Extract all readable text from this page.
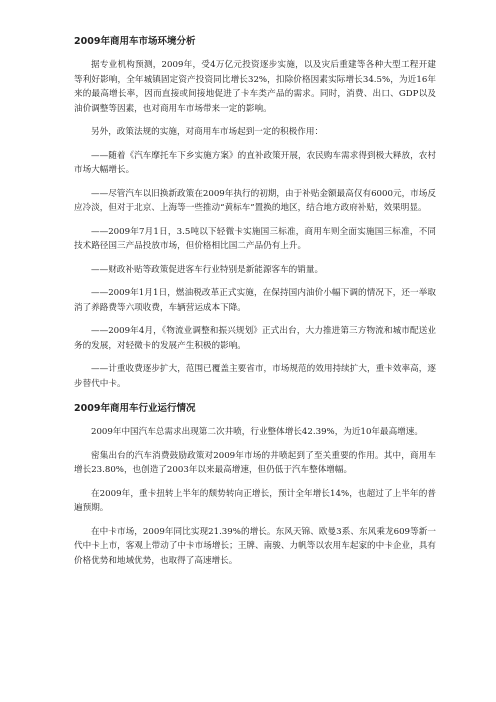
2009年商用车市场环境分析

据专业机构预测，2009年，受4万亿元投资逐步实施，以及灾后重建等各种大型工程开建等利好影响，全年城镇固定资产投资同比增长32%，扣除价格因素实际增长34.5%，为近16年来的最高增长率，因而直接或间接地促进了卡车类产品的需求。同时，消费、出口、GDP以及油价调整等因素，也对商用车市场带来一定的影响。

另外，政策法规的实施，对商用车市场起到一定的积极作用：

——随着《汽车摩托车下乡实施方案》的直补政策开展，农民购车需求得到极大释放，农村市场大幅增长。

——尽管汽车以旧换新政策在2009年执行的初期，由于补贴金额最高仅有6000元，市场反应冷淡，但对于北京、上海等一些推动“黄标车”置换的地区，结合地方政府补贴，效果明显。

——2009年7月1日，3.5吨以下轻微卡实施国三标准，商用车则全面实施国三标准，不同技术路径国三产品投放市场，但价格相比国二产品仍有上升。

——财政补贴等政策促进客车行业特别是新能源客车的销量。

——2009年1月1日，燃油税改革正式实施，在保持国内油价小幅下调的情况下，还一举取消了养路费等六项收费，车辆营运成本下降。

——2009年4月，《物流业调整和振兴规划》正式出台，大力推进第三方物流和城市配送业务的发展，对轻微卡的发展产生积极的影响。

——计重收费逐步扩大，范围已覆盖主要省市，市场规范的效用持续扩大，重卡效率高，逐步替代中卡。

2009年商用车行业运行情况

2009年中国汽车总需求出现第二次井喷，行业整体增长42.39%，为近10年最高增速。

密集出台的汽车消费鼓励政策对2009年市场的井喷起到了至关重要的作用。其中，商用车增长23.80%，也创造了2003年以来最高增速，但仍低于汽车整体增幅。

在2009年，重卡扭转上半年的颓势转向正增长，预计全年增长14%，也超过了上半年的普遍预期。

在中卡市场，2009年同比实现21.39%的增长。东风天锦、欧曼3系、东风乘龙609等新一代中卡上市，客观上带动了中卡市场增长；王牌、南骏、力帆等以农用车起家的中卡企业，具有价格优势和地域优势，也取得了高速增长。
